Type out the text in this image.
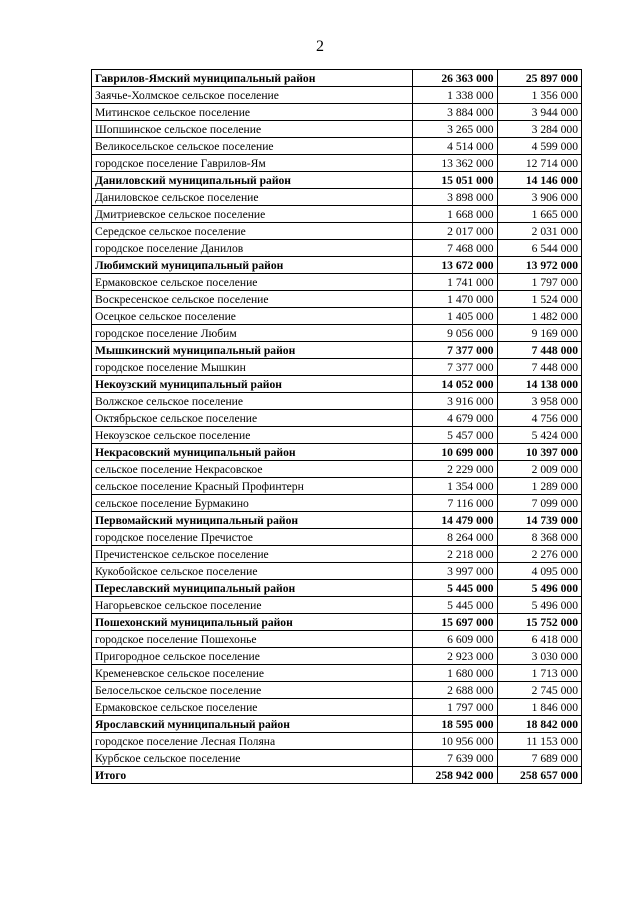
2
Гаврилов-Ямский муниципальный район	26 363 000	25 897 000
Заячье-Холмское сельское поселение	1 338 000	1 356 000
Митинское сельское поселение	3 884 000	3 944 000
Шопшинское сельское поселение	3 265 000	3 284 000
Великосельское сельское поселение	4 514 000	4 599 000
городское поселение Гаврилов-Ям	13 362 000	12 714 000
Даниловский муниципальный район	15 051 000	14 146 000
Даниловское сельское поселение	3 898 000	3 906 000
Дмитриевское сельское поселение	1 668 000	1 665 000
Середское сельское поселение	2 017 000	2 031 000
городское поселение Данилов	7 468 000	6 544 000
Любимский муниципальный район	13 672 000	13 972 000
Ермаковское сельское поселение	1 741 000	1 797 000
Воскресенское сельское поселение	1 470 000	1 524 000
Осецкое сельское поселение	1 405 000	1 482 000
городское поселение Любим	9 056 000	9 169 000
Мышкинский муниципальный район	7 377 000	7 448 000
городское поселение Мышкин	7 377 000	7 448 000
Некоузский муниципальный район	14 052 000	14 138 000
Волжское сельское поселение	3 916 000	3 958 000
Октябрьское сельское поселение	4 679 000	4 756 000
Некоузское сельское поселение	5 457 000	5 424 000
Некрасовский муниципальный район	10 699 000	10 397 000
сельское поселение Некрасовское	2 229 000	2 009 000
сельское поселение Красный Профинтерн	1 354 000	1 289 000
сельское поселение Бурмакино	7 116 000	7 099 000
Первомайский муниципальный район	14 479 000	14 739 000
городское поселение Пречистое	8 264 000	8 368 000
Пречистенское сельское поселение	2 218 000	2 276 000
Кукобойское сельское поселение	3 997 000	4 095 000
Переславский муниципальный район	5 445 000	5 496 000
Нагорьевское сельское поселение	5 445 000	5 496 000
Пошехонский муниципальный район	15 697 000	15 752 000
городское поселение Пошехонье	6 609 000	6 418 000
Пригородное сельское поселение	2 923 000	3 030 000
Кременевское сельское поселение	1 680 000	1 713 000
Белосельское сельское поселение	2 688 000	2 745 000
Ермаковское сельское поселение	1 797 000	1 846 000
Ярославский муниципальный район	18 595 000	18 842 000
городское поселение Лесная Поляна	10 956 000	11 153 000
Курбское сельское поселение	7 639 000	7 689 000
Итого	258 942 000	258 657 000
